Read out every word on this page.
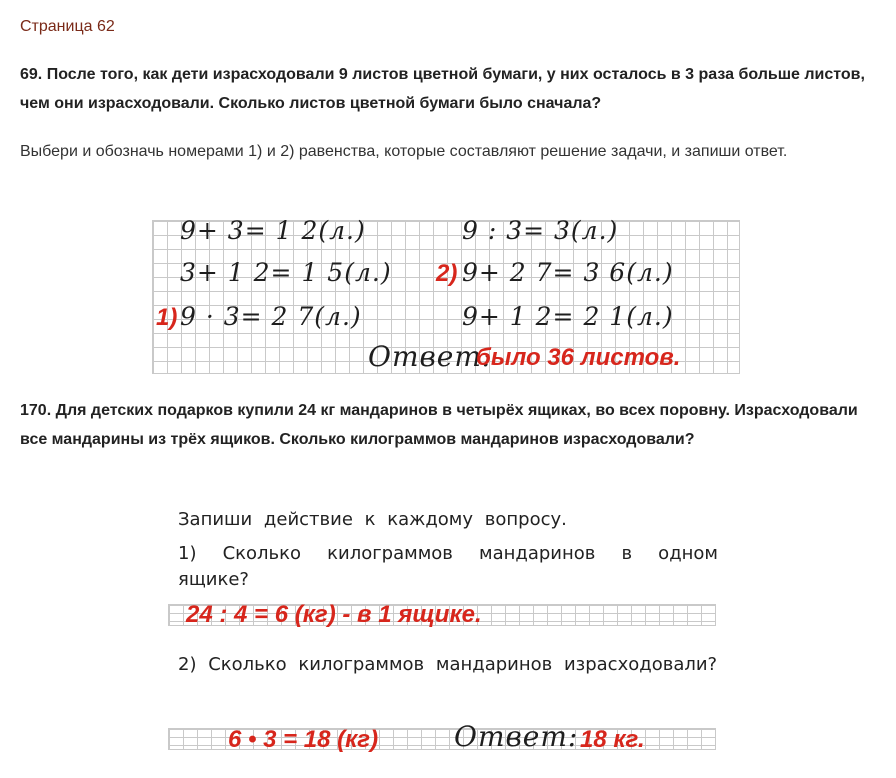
Страница 62
69. После того, как дети израсходовали 9 листов цветной бумаги, у них осталось в 3 раза больше листов, чем они израсходовали. Сколько листов цветной бумаги было сначала?
Выбери и обозначь номерами 1) и 2) равенства, которые составляют решение задачи, и запиши ответ.
9+ 3= 1 2(л.)
3+ 1 2= 1 5(л.)
1) 9 · 3= 2 7(л.)
9 : 3= 3(л.)
2) 9+ 2 7= 3 6(л.)
9+ 1 2= 2 1(л.)
Ответ:
было 36 листов.
170. Для детских подарков купили 24 кг мандаринов в четырёх ящиках, во всех поровну. Израсходовали все мандарины из трёх ящиков. Сколько килограммов мандаринов израсходовали?
Запиши действие к каждому вопросу.
1) Сколько килограммов мандаринов в одном ящике?
24 : 4 = 6 (кг) - в 1 ящике.
2) Сколько килограммов мандаринов израсходовали?
6 • 3 = 18 (кг)	Ответ: 18 кг.
